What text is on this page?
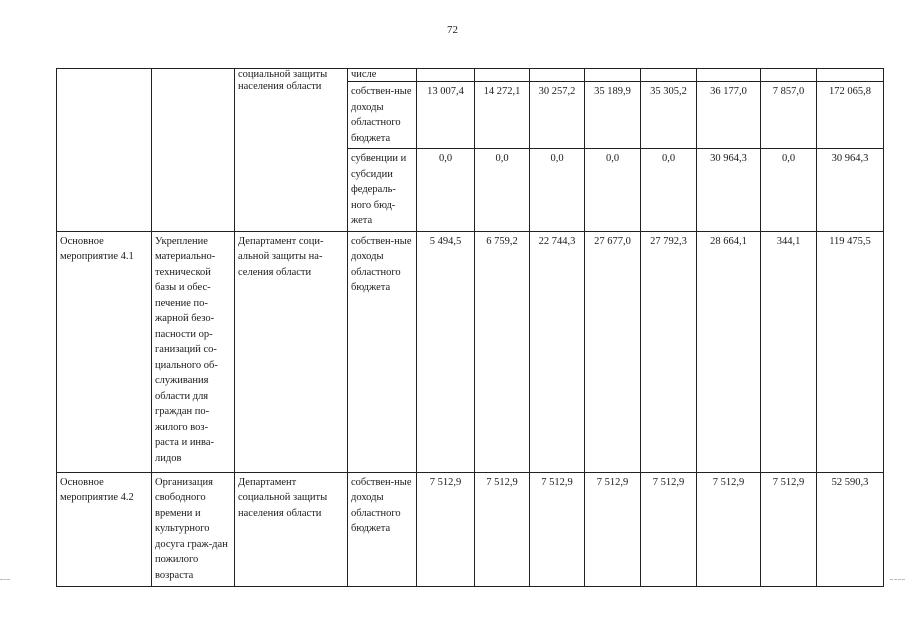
72
		социальной защиты населения области	числе								
			собствен-ные доходы областного бюджета	13 007,4	14 272,1	30 257,2	35 189,9	35 305,2	36 177,0	7 857,0	172 065,8
			субвенции и субсидии федераль-ного бюд-жета	0,0	0,0	0,0	0,0	0,0	30 964,3	0,0	30 964,3
Основное мероприятие 4.1	Укрепление материально-технической базы и обес-печение по-жарной безо-пасности ор-ганизаций со-циального об-служивания области для граждан по-жилого воз-раста и инва-лидов	Департамент соци-альной защиты на-селения области	собствен-ные доходы областного бюджета	5 494,5	6 759,2	22 744,3	27 677,0	27 792,3	28 664,1	344,1	119 475,5
Основное мероприятие 4.2	Организация свободного времени и культурного досуга граж-дан пожилого возраста	Департамент социальной защиты населения области	собствен-ные доходы областного бюджета	7 512,9	7 512,9	7 512,9	7 512,9	7 512,9	7 512,9	7 512,9	52 590,3
